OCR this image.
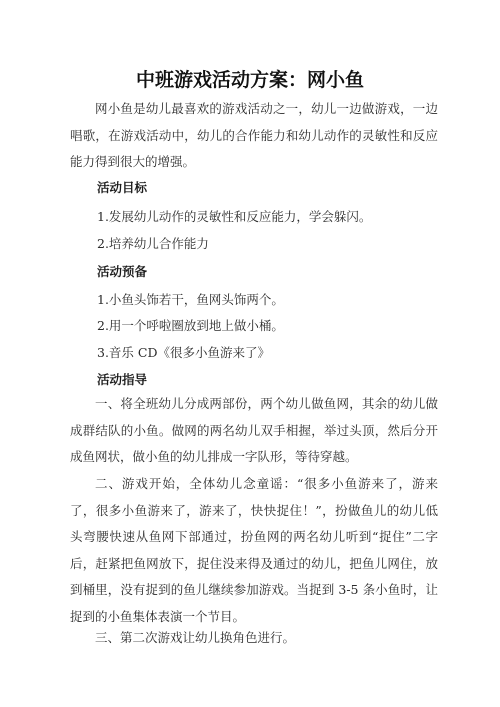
中班游戏活动方案：网小鱼

网小鱼是幼儿最喜欢的游戏活动之一，幼儿一边做游戏，一边唱歌，在游戏活动中，幼儿的合作能力和幼儿动作的灵敏性和反应能力得到很大的增强。

活动目标
1.发展幼儿动作的灵敏性和反应能力，学会躲闪。
2.培养幼儿合作能力
活动预备
1.小鱼头饰若干，鱼网头饰两个。
2.用一个呼啦圈放到地上做小桶。
3.音乐 CD《很多小鱼游来了》
活动指导

一、将全班幼儿分成两部份，两个幼儿做鱼网，其余的幼儿做成群结队的小鱼。做网的两名幼儿双手相握，举过头顶，然后分开成鱼网状，做小鱼的幼儿排成一字队形，等待穿越。

二、游戏开始，全体幼儿念童谣：“很多小鱼游来了，游来了，很多小鱼游来了，游来了，快快捉住！”，扮做鱼儿的幼儿低头弯腰快速从鱼网下部通过，扮鱼网的两名幼儿听到“捉住”二字后，赶紧把鱼网放下，捉住没来得及通过的幼儿，把鱼儿网住，放到桶里，没有捉到的鱼儿继续参加游戏。当捉到 3-5 条小鱼时，让捉到的小鱼集体表演一个节目。

三、第二次游戏让幼儿换角色进行。
